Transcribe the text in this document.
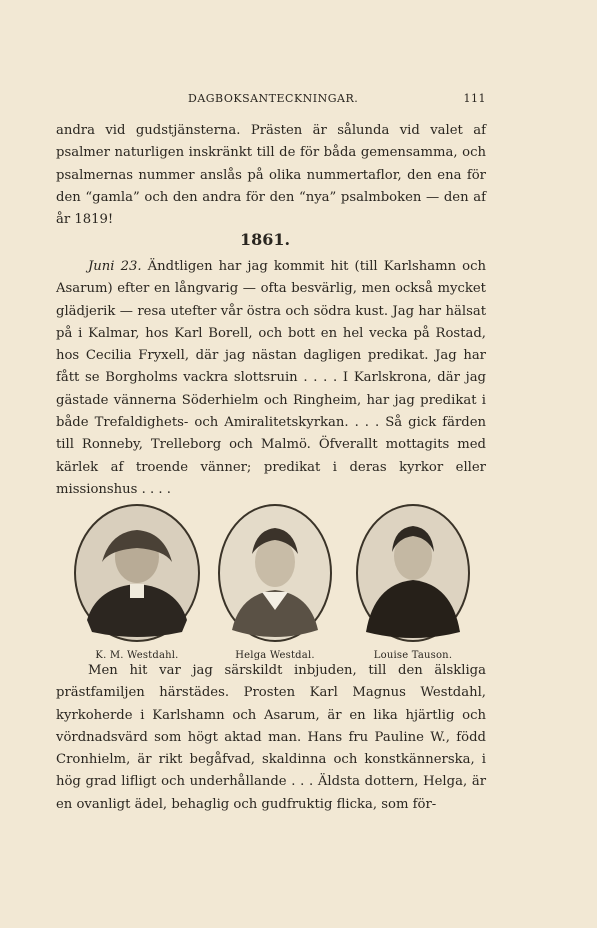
DAGBOKSANTECKNINGAR.	111

andra vid gudstjänsterna. Prästen är sålunda vid valet af psalmer naturligen inskränkt till de för båda gemensamma, och psalmernas nummer anslås på olika nummertaflor, den ena för den “gamla” och den andra för den “nya” psalmboken — den af år 1819!

1861.

Juni 23. Ändtligen har jag kommit hit (till Karlshamn och Asarum) efter en långvarig — ofta besvärlig, men också mycket glädjerik — resa utefter vår östra och södra kust. Jag har hälsat på i Kalmar, hos Karl Borell, och bott en hel vecka på Rostad, hos Cecilia Fryxell, där jag nästan dagligen predikat. Jag har fått se Borgholms vackra slottsruin . . . . I Karlskrona, där jag gästade vännerna Söderhielm och Ringheim, har jag predikat i både Trefaldighets- och Amiralitetskyrkan. . . . Så gick färden till Ronneby, Trelleborg och Malmö. Öfverallt mottagits med kärlek af troende vänner; predikat i deras kyrkor eller missionshus . . . .

K. M. Westdahl.	Helga Westdal.	Louise Tauson.

Men hit var jag särskildt inbjuden, till den älskliga prästfamiljen härstädes. Prosten Karl Magnus Westdahl, kyrkoherde i Karlshamn och Asarum, är en lika hjärtlig och vördnadsvärd som högt aktad man. Hans fru Pauline W., född Cronhielm, är rikt begåfvad, skaldinna och konstkännerska, i hög grad lifligt och underhållande . . . Äldsta dottern, Helga, är en ovanligt ädel, behaglig och gudfruktig flicka, som för-
